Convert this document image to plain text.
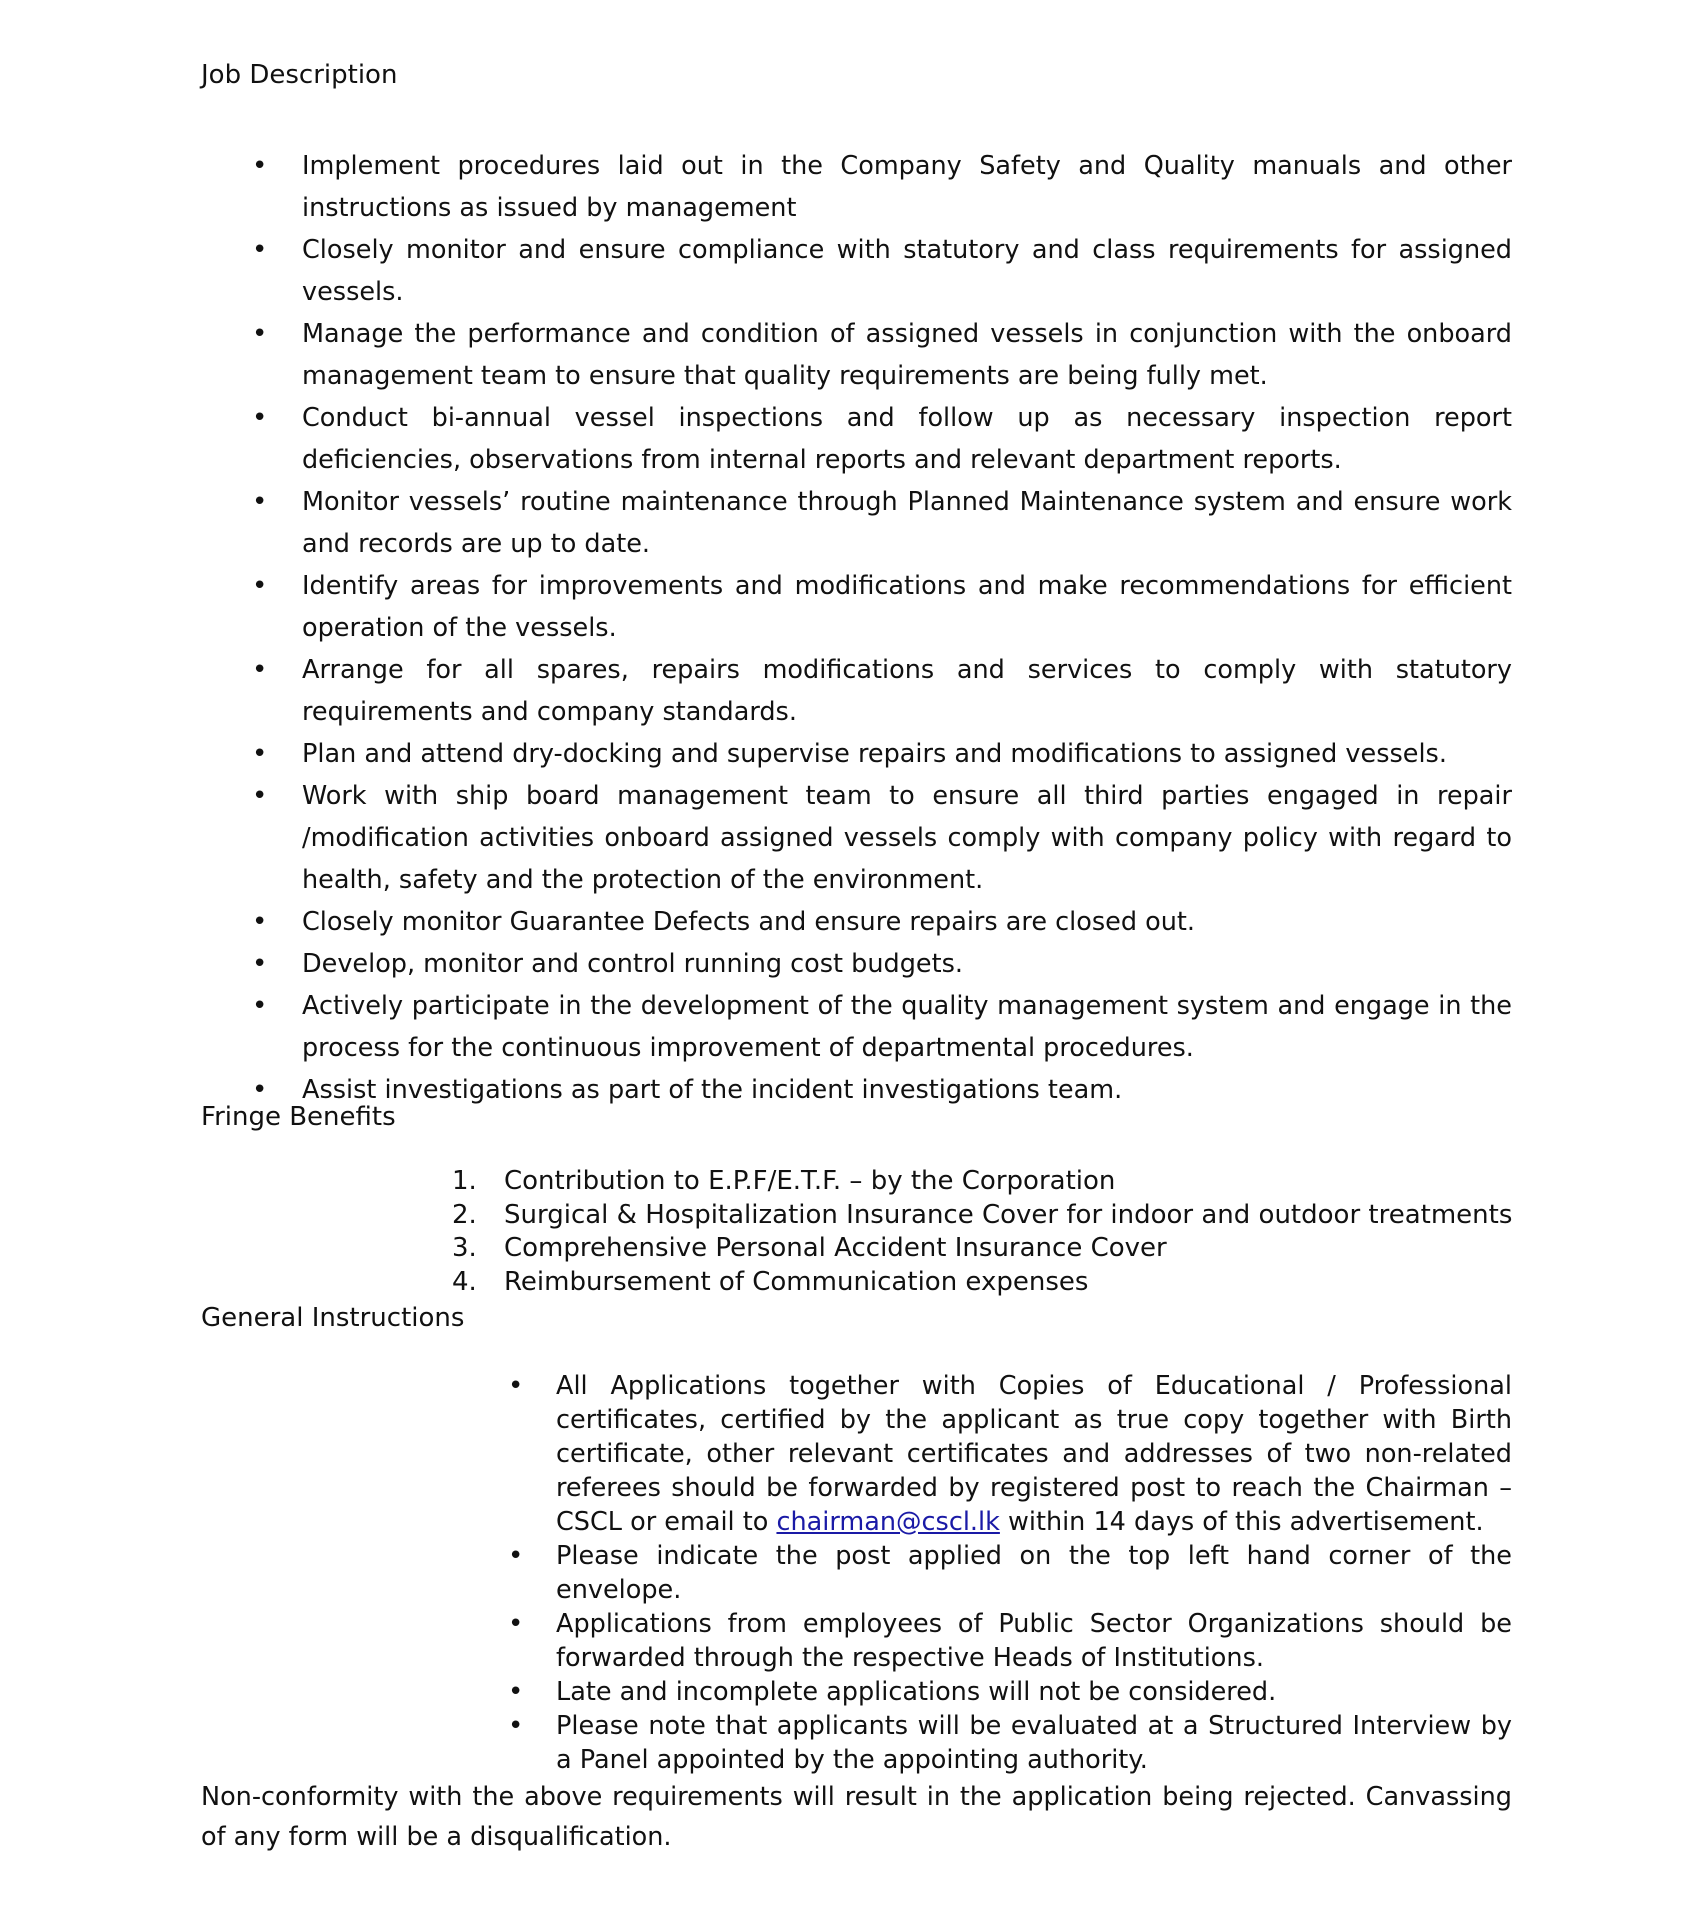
Job Description
• Implement procedures laid out in the Company Safety and Quality manuals and other instructions as issued by management
• Closely monitor and ensure compliance with statutory and class requirements for assigned vessels.
• Manage the performance and condition of assigned vessels in conjunction with the onboard management team to ensure that quality requirements are being fully met.
• Conduct bi-annual vessel inspections and follow up as necessary inspection report deficiencies, observations from internal reports and relevant department reports.
• Monitor vessels’ routine maintenance through Planned Maintenance system and ensure work and records are up to date.
• Identify areas for improvements and modifications and make recommendations for efficient operation of the vessels.
• Arrange for all spares, repairs modifications and services to comply with statutory requirements and company standards.
• Plan and attend dry-docking and supervise repairs and modifications to assigned vessels.
• Work with ship board management team to ensure all third parties engaged in repair /modification activities onboard assigned vessels comply with company policy with regard to health, safety and the protection of the environment.
• Closely monitor Guarantee Defects and ensure repairs are closed out.
• Develop, monitor and control running cost budgets.
• Actively participate in the development of the quality management system and engage in the process for the continuous improvement of departmental procedures.
• Assist investigations as part of the incident investigations team.
Fringe Benefits
1. Contribution to E.P.F/E.T.F. – by the Corporation
2. Surgical & Hospitalization Insurance Cover for indoor and outdoor treatments
3. Comprehensive Personal Accident Insurance Cover
4. Reimbursement of Communication expenses
General Instructions
• All Applications together with Copies of Educational / Professional certificates, certified by the applicant as true copy together with Birth certificate, other relevant certificates and addresses of two non-related referees should be forwarded by registered post to reach the Chairman – CSCL or email to chairman@cscl.lk within 14 days of this advertisement.
• Please indicate the post applied on the top left hand corner of the envelope.
• Applications from employees of Public Sector Organizations should be forwarded through the respective Heads of Institutions.
• Late and incomplete applications will not be considered.
• Please note that applicants will be evaluated at a Structured Interview by a Panel appointed by the appointing authority.

Non-conformity with the above requirements will result in the application being rejected. Canvassing of any form will be a disqualification.
